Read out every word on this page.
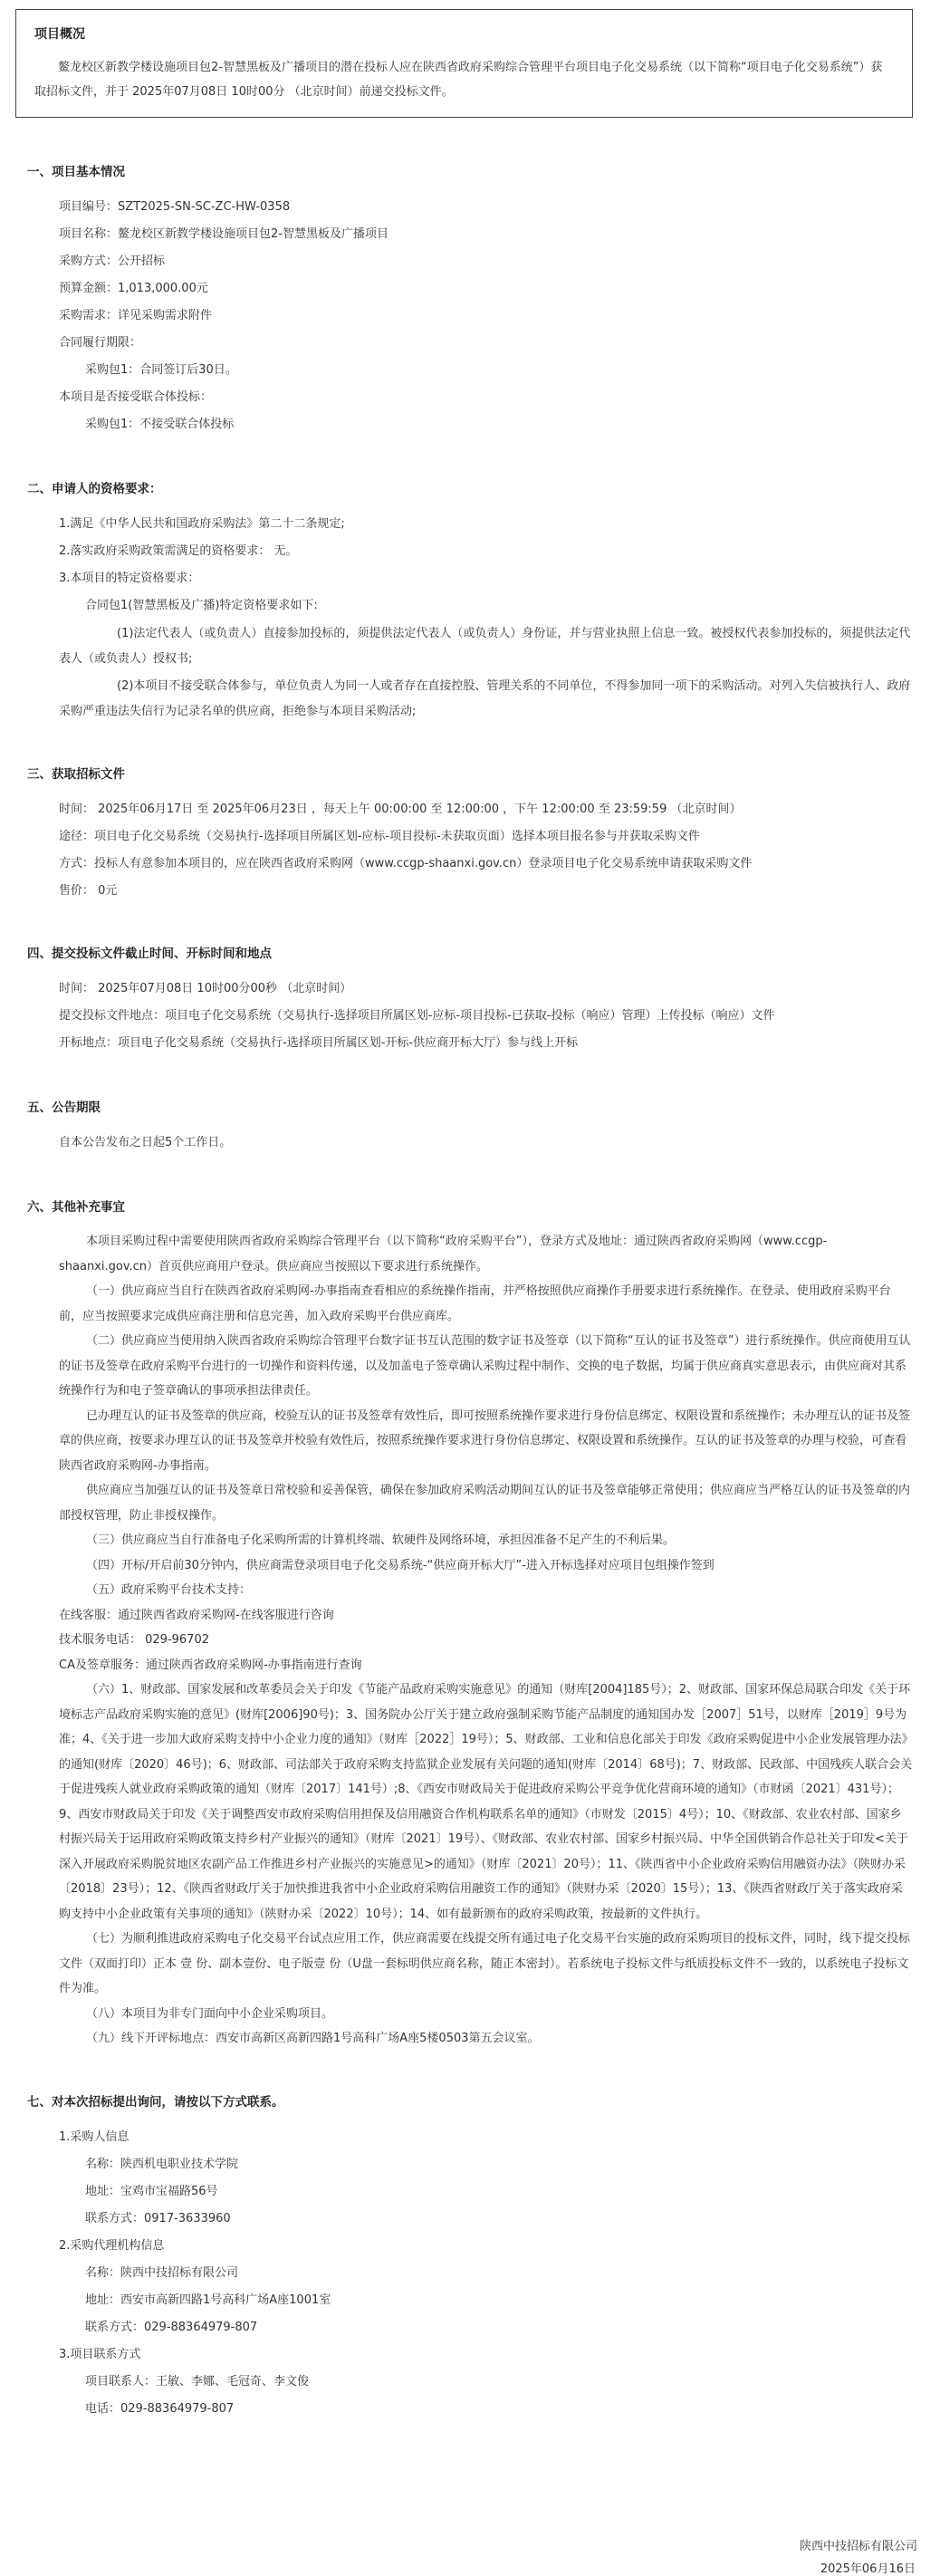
项目概况

鳌龙校区新教学楼设施项目包2-智慧黑板及广播项目的潜在投标人应在陕西省政府采购综合管理平台项目电子化交易系统（以下简称“项目电子化交易系统”）获取招标文件，并于 2025年07月08日 10时00分 （北京时间）前递交投标文件。

一、项目基本情况
项目编号：SZT2025-SN-SC-ZC-HW-0358
项目名称：鳌龙校区新教学楼设施项目包2-智慧黑板及广播项目
采购方式：公开招标
预算金额：1,013,000.00元
采购需求：详见采购需求附件
合同履行期限：
采购包1：合同签订后30日。
本项目是否接受联合体投标：
采购包1：不接受联合体投标
二、申请人的资格要求：
1.满足《中华人民共和国政府采购法》第二十二条规定;
2.落实政府采购政策需满足的资格要求： 无。
3.本项目的特定资格要求：
合同包1(智慧黑板及广播)特定资格要求如下:

(1)法定代表人（或负责人）直接参加投标的，须提供法定代表人（或负责人）身份证，并与营业执照上信息一致。被授权代表参加投标的，须提供法定代表人（或负责人）授权书;

(2)本项目不接受联合体参与，单位负责人为同一人或者存在直接控股、管理关系的不同单位，不得参加同一项下的采购活动。对列入失信被执行人、政府采购严重违法失信行为记录名单的供应商，拒绝参与本项目采购活动;

三、获取招标文件
时间： 2025年06月17日 至 2025年06月23日 ，每天上午 00:00:00 至 12:00:00 ，下午 12:00:00 至 23:59:59 （北京时间）
途径：项目电子化交易系统（交易执行-选择项目所属区划-应标-项目投标-未获取页面）选择本项目报名参与并获取采购文件
方式：投标人有意参加本项目的，应在陕西省政府采购网（www.ccgp-shaanxi.gov.cn）登录项目电子化交易系统申请获取采购文件
售价： 0元
四、提交投标文件截止时间、开标时间和地点
时间： 2025年07月08日 10时00分00秒 （北京时间）
提交投标文件地点：项目电子化交易系统（交易执行-选择项目所属区划-应标-项目投标-已获取-投标（响应）管理）上传投标（响应）文件
开标地点：项目电子化交易系统（交易执行-选择项目所属区划-开标-供应商开标大厅）参与线上开标
五、公告期限
自本公告发布之日起5个工作日。
六、其他补充事宜

本项目采购过程中需要使用陕西省政府采购综合管理平台（以下简称“政府采购平台”），登录方式及地址：通过陕西省政府采购网（www.ccgp-shaanxi.gov.cn）首页供应商用户登录。供应商应当按照以下要求进行系统操作。

（一）供应商应当自行在陕西省政府采购网-办事指南查看相应的系统操作指南，并严格按照供应商操作手册要求进行系统操作。在登录、使用政府采购平台前，应当按照要求完成供应商注册和信息完善，加入政府采购平台供应商库。

（二）供应商应当使用纳入陕西省政府采购综合管理平台数字证书互认范围的数字证书及签章（以下简称“互认的证书及签章”）进行系统操作。供应商使用互认的证书及签章在政府采购平台进行的一切操作和资料传递，以及加盖电子签章确认采购过程中制作、交换的电子数据，均属于供应商真实意思表示，由供应商对其系统操作行为和电子签章确认的事项承担法律责任。

已办理互认的证书及签章的供应商，校验互认的证书及签章有效性后，即可按照系统操作要求进行身份信息绑定、权限设置和系统操作；未办理互认的证书及签章的供应商，按要求办理互认的证书及签章并校验有效性后，按照系统操作要求进行身份信息绑定、权限设置和系统操作。互认的证书及签章的办理与校验，可查看陕西省政府采购网-办事指南。

供应商应当加强互认的证书及签章日常校验和妥善保管，确保在参加政府采购活动期间互认的证书及签章能够正常使用；供应商应当严格互认的证书及签章的内部授权管理，防止非授权操作。

（三）供应商应当自行准备电子化采购所需的计算机终端、软硬件及网络环境，承担因准备不足产生的不利后果。

（四）开标/开启前30分钟内，供应商需登录项目电子化交易系统-“供应商开标大厅”-进入开标选择对应项目包组操作签到

（五）政府采购平台技术支持：

在线客服：通过陕西省政府采购网-在线客服进行咨询

技术服务电话： 029-96702

CA及签章服务：通过陕西省政府采购网-办事指南进行查询

（六）1、财政部、国家发展和改革委员会关于印发《节能产品政府采购实施意见》的通知（财库[2004]185号）；2、财政部、国家环保总局联合印发《关于环境标志产品政府采购实施的意见》(财库[2006]90号)；3、国务院办公厅关于建立政府强制采购节能产品制度的通知国办发［2007］51号，以财库［2019］9号为准；4、《关于进一步加大政府采购支持中小企业力度的通知》（财库［2022］19号）；5、财政部、工业和信息化部关于印发《政府采购促进中小企业发展管理办法》的通知(财库〔2020〕46号)；6、财政部、司法部关于政府采购支持监狱企业发展有关问题的通知(财库〔2014〕68号)；7、财政部、民政部、中国残疾人联合会关于促进残疾人就业政府采购政策的通知（财库〔2017〕141号）;8、《西安市财政局关于促进政府采购公平竞争优化营商环境的通知》（市财函〔2021〕431号）；9、西安市财政局关于印发《关于调整西安市政府采购信用担保及信用融资合作机构联系名单的通知》（市财发〔2015〕4号）；10、《财政部、农业农村部、国家乡村振兴局关于运用政府采购政策支持乡村产业振兴的通知》（财库〔2021〕19号）、《财政部、农业农村部、国家乡村振兴局、中华全国供销合作总社关于印发<关于深入开展政府采购脱贫地区农副产品工作推进乡村产业振兴的实施意见>的通知》（财库〔2021〕20号）；11、《陕西省中小企业政府采购信用融资办法》（陕财办采〔2018〕23号）；12、《陕西省财政厅关于加快推进我省中小企业政府采购信用融资工作的通知》（陕财办采〔2020〕15号）；13、《陕西省财政厅关于落实政府采购支持中小企业政策有关事项的通知》（陕财办采〔2022〕10号）；14、如有最新颁布的政府采购政策，按最新的文件执行。

（七）为顺利推进政府采购电子化交易平台试点应用工作，供应商需要在线提交所有通过电子化交易平台实施的政府采购项目的投标文件，同时，线下提交投标文件（双面打印）正本 壹 份、副本壹份、电子版壹 份（U盘一套标明供应商名称，随正本密封）。若系统电子投标文件与纸质投标文件不一致的，以系统电子投标文件为准。

（八）本项目为非专门面向中小企业采购项目。

（九）线下开评标地点：西安市高新区高新四路1号高科广场A座5楼0503第五会议室。

七、对本次招标提出询问，请按以下方式联系。
1.采购人信息
名称：陕西机电职业技术学院
地址：宝鸡市宝福路56号
联系方式：0917-3633960
2.采购代理机构信息
名称：陕西中技招标有限公司
地址：西安市高新四路1号高科广场A座1001室
联系方式：029-88364979-807
3.项目联系方式
项目联系人：王敏、李娜、毛冠奇、李文俊
电话：029-88364979-807
陕西中技招标有限公司
2025年06月16日
